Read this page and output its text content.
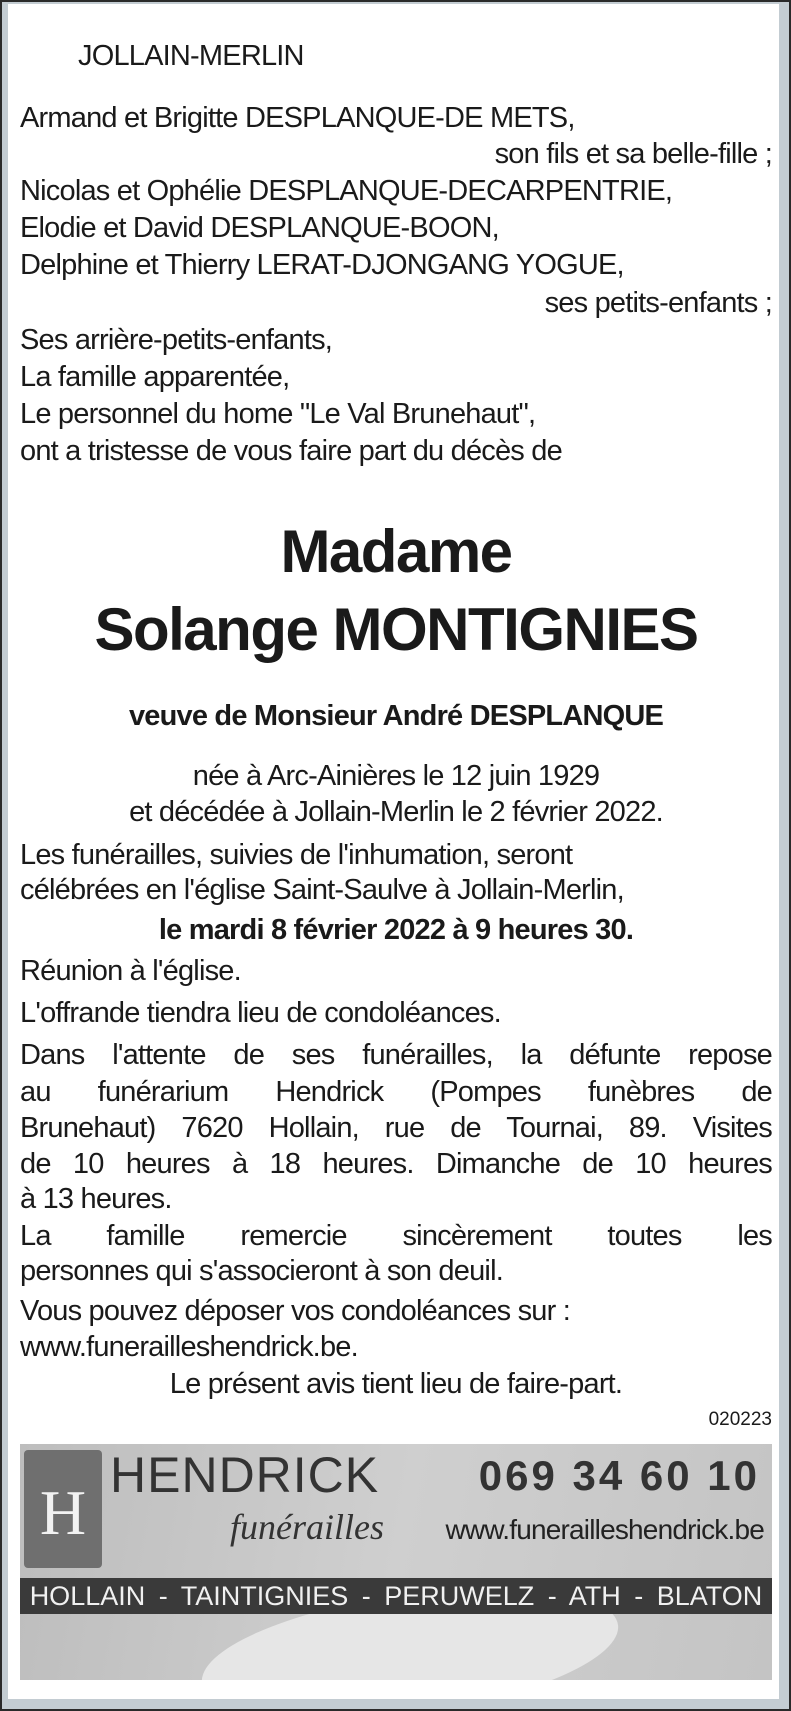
JOLLAIN-MERLIN
Armand et Brigitte DESPLANQUE-DE METS,
son fils et sa belle-fille ;
Nicolas et Ophélie DESPLANQUE-DECARPENTRIE,
Elodie et David DESPLANQUE-BOON,
Delphine et Thierry LERAT-DJONGANG YOGUE,
ses petits-enfants ;
Ses arrière-petits-enfants,
La famille apparentée,
Le personnel du home "Le Val Brunehaut",
ont a tristesse de vous faire part du décès de
Madame
Solange MONTIGNIES
veuve de Monsieur André DESPLANQUE
née à Arc-Ainières le 12 juin 1929
et décédée à Jollain-Merlin le 2 février 2022.
Les funérailles, suivies de l'inhumation, seront
célébrées en l'église Saint-Saulve à Jollain-Merlin,
le mardi 8 février 2022 à 9 heures 30.
Réunion à l'église.
L'offrande tiendra lieu de condoléances.
Dans l'attente de ses funérailles, la défunte repose
au funérarium Hendrick (Pompes funèbres de
Brunehaut) 7620 Hollain, rue de Tournai, 89. Visites
de 10 heures à 18 heures. Dimanche de 10 heures
à 13 heures.
La famille remercie sincèrement toutes les
personnes qui s'associeront à son deuil.
Vous pouvez déposer vos condoléances sur :
www.funerailleshendrick.be.
Le présent avis tient lieu de faire-part.
020223
H
HENDRICK
funérailles
069 34 60 10
www.funerailleshendrick.be
HOLLAIN - TAINTIGNIES - PERUWELZ - ATH - BLATON
